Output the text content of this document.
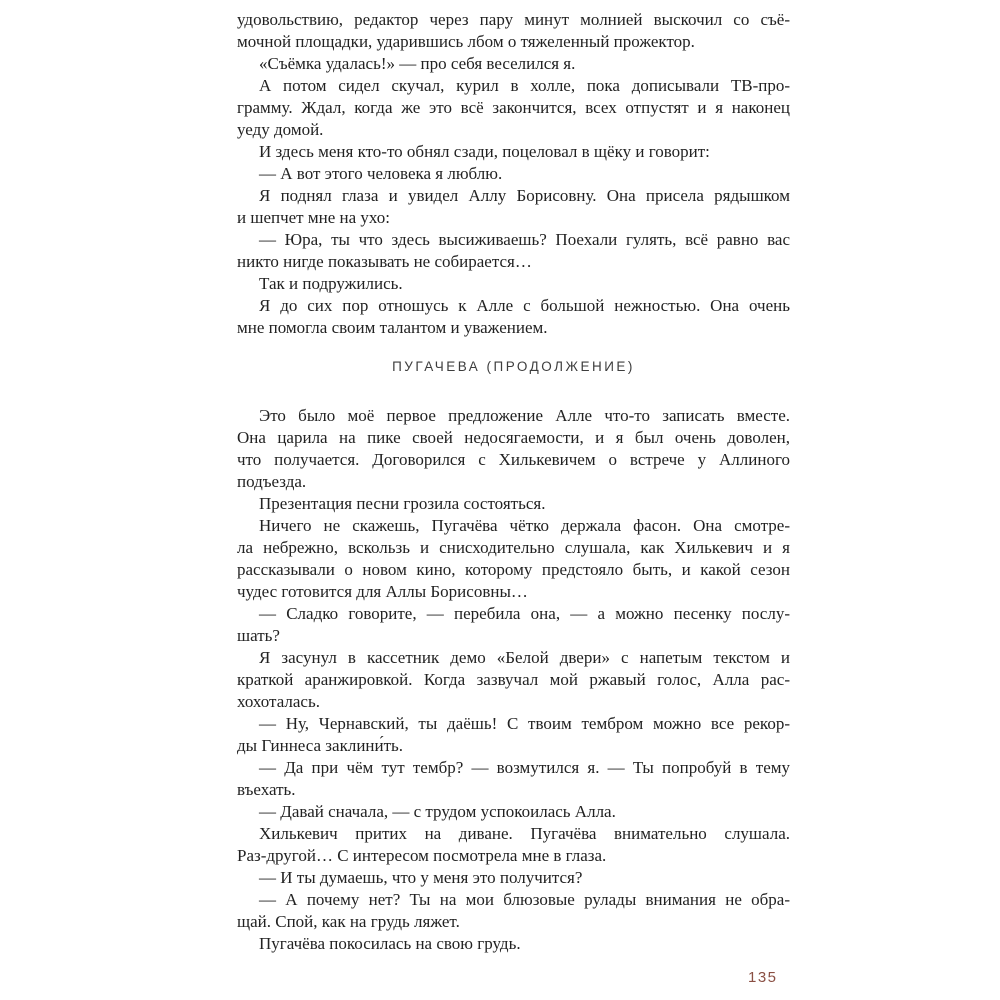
удовольствию, редактор через пару минут молнией выскочил со съё-
мочной площадки, ударившись лбом о тяжеленный прожектор.
«Съёмка удалась!» — про себя веселился я.
А потом сидел скучал, курил в холле, пока дописывали ТВ-про-
грамму. Ждал, когда же это всё закончится, всех отпустят и я наконец
уеду домой.
И здесь меня кто-то обнял сзади, поцеловал в щёку и говорит:
— А вот этого человека я люблю.
Я поднял глаза и увидел Аллу Борисовну. Она присела рядышком
и шепчет мне на ухо:
— Юра, ты что здесь высиживаешь? Поехали гулять, всё равно вас
никто нигде показывать не собирается…
Так и подружились.
Я до сих пор отношусь к Алле с большой нежностью. Она очень
мне помогла своим талантом и уважением.
ПУГАЧЕВА (ПРОДОЛЖЕНИЕ)
Это было моё первое предложение Алле что-то записать вместе.
Она царила на пике своей недосягаемости, и я был очень доволен,
что получается. Договорился с Хилькевичем о встрече у Аллиного
подъезда.
Презентация песни грозила состояться.
Ничего не скажешь, Пугачёва чётко держала фасон. Она смотре-
ла небрежно, вскользь и снисходительно слушала, как Хилькевич и я
рассказывали о новом кино, которому предстояло быть, и какой сезон
чудес готовится для Аллы Борисовны…
— Сладко говорите, — перебила она, — а можно песенку послу-
шать?
Я засунул в кассетник демо «Белой двери» с напетым текстом и
краткой аранжировкой. Когда зазвучал мой ржавый голос, Алла рас-
хохоталась.
— Ну, Чернавский, ты даёшь! С твоим тембром можно все рекор-
ды Гиннеса заклини́ть.
— Да при чём тут тембр? — возмутился я. — Ты попробуй в тему
въехать.
— Давай сначала, — с трудом успокоилась Алла.
Хилькевич притих на диване. Пугачёва внимательно слушала.
Раз-другой… С интересом посмотрела мне в глаза.
— И ты думаешь, что у меня это получится?
— А почему нет? Ты на мои блюзовые рулады внимания не обра-
щай. Спой, как на грудь ляжет.
Пугачёва покосилась на свою грудь.
135
